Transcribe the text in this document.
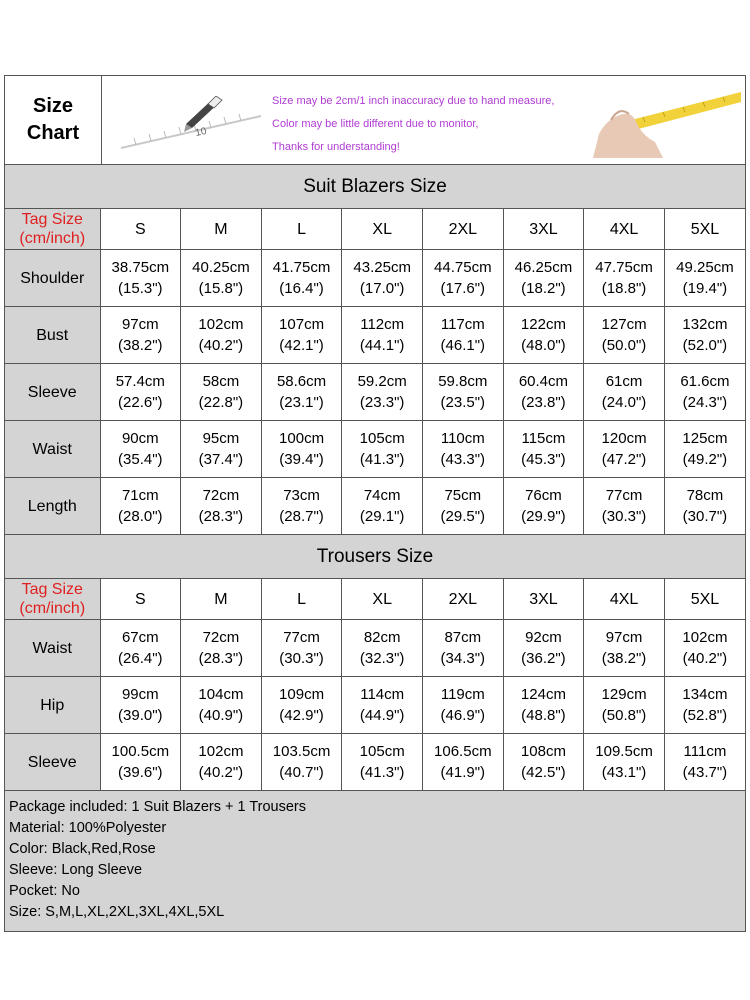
Size
Chart	10
Size may be 2cm/1 inch inaccuracy due to hand measure,
Color may be little different due to monitor,
Thanks for understanding!
Suit Blazers Size
Tag Size (cm/inch)	S	M	L	XL	2XL	3XL	4XL	5XL
Shoulder	38.75cm
(15.3")	40.25cm
(15.8")	41.75cm
(16.4")	43.25cm
(17.0")	44.75cm
(17.6")	46.25cm
(18.2")	47.75cm
(18.8")	49.25cm
(19.4")

Bust	97cm
(38.2")	102cm
(40.2")	107cm
(42.1")	112cm
(44.1")	117cm
(46.1")	122cm
(48.0")	127cm
(50.0")	132cm
(52.0")

Sleeve	57.4cm
(22.6")	58cm
(22.8")	58.6cm
(23.1")	59.2cm
(23.3")	59.8cm
(23.5")	60.4cm
(23.8")	61cm
(24.0")	61.6cm
(24.3")

Waist	90cm
(35.4")	95cm
(37.4")	100cm
(39.4")	105cm
(41.3")	110cm
(43.3")	115cm
(45.3")	120cm
(47.2")	125cm
(49.2")

Length	71cm
(28.0")	72cm
(28.3")	73cm
(28.7")	74cm
(29.1")	75cm
(29.5")	76cm
(29.9")	77cm
(30.3")	78cm
(30.7")
Trousers Size
Tag Size (cm/inch)	S	M	L	XL	2XL	3XL	4XL	5XL
Waist	67cm
(26.4")	72cm
(28.3")	77cm
(30.3")	82cm
(32.3")	87cm
(34.3")	92cm
(36.2")	97cm
(38.2")	102cm
(40.2")

Hip	99cm
(39.0")	104cm
(40.9")	109cm
(42.9")	114cm
(44.9")	119cm
(46.9")	124cm
(48.8")	129cm
(50.8")	134cm
(52.8")

Sleeve	100.5cm
(39.6")	102cm
(40.2")	103.5cm
(40.7")	105cm
(41.3")	106.5cm
(41.9")	108cm
(42.5")	109.5cm
(43.1")	111cm
(43.7")
Package included: 1 Suit Blazers + 1 Trousers
Material: 100%Polyester
Color: Black,Red,Rose
Sleeve: Long Sleeve
Pocket: No
Size: S,M,L,XL,2XL,3XL,4XL,5XL
